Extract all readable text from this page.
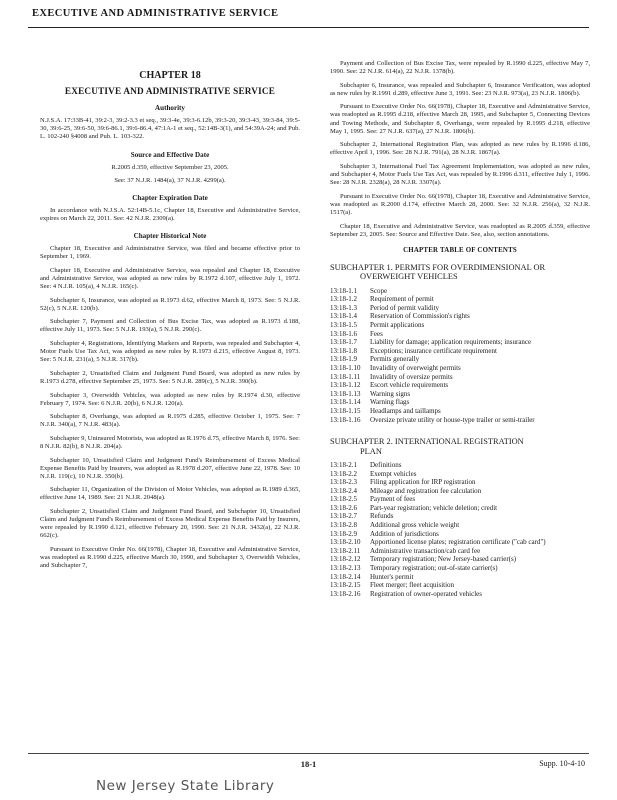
EXECUTIVE AND ADMINISTRATIVE SERVICE
CHAPTER 18
EXECUTIVE AND ADMINISTRATIVE SERVICE
Authority

N.J.S.A. 17:33B-41, 39:2-3, 39:2-3.3 et seq., 39:3-4e, 39:3-6.12b, 39:3-20, 39:3-43, 39:3-84, 39:5-30, 39:6-25, 39:6-50, 39:6-86.1, 39:6-86.4, 47:1A-1 et seq., 52:14B-3(1), and 54:39A-24; and Pub. L. 102-240 §4008 and Pub. L. 103-322.

Source and Effective Date

R.2005 d.359, effective September 23, 2005.

See: 37 N.J.R. 1484(a), 37 N.J.R. 4299(a).

Chapter Expiration Date

In accordance with N.J.S.A. 52:14B-5.1c, Chapter 18, Executive and Administrative Service, expires on March 22, 2011. See: 42 N.J.R. 2309(a).

Chapter Historical Note

Chapter 18, Executive and Administrative Service, was filed and became effective prior to September 1, 1969.

Chapter 18, Executive and Administrative Service, was repealed and Chapter 18, Executive and Administrative Service, was adopted as new rules by R.1972 d.107, effective July 1, 1972. See: 4 N.J.R. 105(a), 4 N.J.R. 165(c).

Subchapter 6, Insurance, was adopted as R.1973 d.62, effective March 8, 1973. See: 5 N.J.R. 52(c), 5 N.J.R. 120(b).

Subchapter 7, Payment and Collection of Bus Excise Tax, was adopted as R.1973 d.188, effective July 11, 1973. See: 5 N.J.R. 193(a), 5 N.J.R. 290(c).

Subchapter 4, Registrations, Identifying Markers and Reports, was repealed and Subchapter 4, Motor Fuels Use Tax Act, was adopted as new rules by R.1973 d.215, effective August 8, 1973. See: 5 N.J.R. 231(a), 5 N.J.R. 317(b).

Subchapter 2, Unsatisfied Claim and Judgment Fund Board, was adopted as new rules by R.1973 d.278, effective September 25, 1973. See: 5 N.J.R. 289(c), 5 N.J.R. 390(b).

Subchapter 3, Overwidth Vehicles, was adopted as new rules by R.1974 d.30, effective February 7, 1974. See: 6 N.J.R. 20(b), 6 N.J.R. 120(a).

Subchapter 8, Overhangs, was adopted as R.1975 d.285, effective October 1, 1975. See: 7 N.J.R. 340(a), 7 N.J.R. 483(a).

Subchapter 9, Uninsured Motorists, was adopted as R.1976 d.75, effective March 8, 1976. See: 8 N.J.R. 82(b), 8 N.J.R. 204(a).

Subchapter 10, Unsatisfied Claim and Judgment Fund's Reimbursement of Excess Medical Expense Benefits Paid by Insurers, was adopted as R.1978 d.207, effective June 22, 1978. See: 10 N.J.R. 119(c), 10 N.J.R. 350(b).

Subchapter 11, Organization of the Division of Motor Vehicles, was adopted as R.1989 d.365, effective June 14, 1989. See: 21 N.J.R. 2048(a).

Subchapter 2, Unsatisfied Claim and Judgment Fund Board, and Subchapter 10, Unsatisfied Claim and Judgment Fund's Reimbursement of Excess Medical Expense Benefits Paid by Insurers, were repealed by R.1990 d.121, effective February 20, 1990. See: 21 N.J.R. 3432(a), 22 N.J.R. 662(c).

Pursuant to Executive Order No. 66(1978), Chapter 18, Executive and Administrative Service, was readopted as R.1990 d.225, effective March 30, 1990, and Subchapter 3, Overwidth Vehicles, and Subchapter 7,

Payment and Collection of Bus Excise Tax, were repealed by R.1990 d.225, effective May 7, 1990. See: 22 N.J.R. 614(a), 22 N.J.R. 1378(b).

Subchapter 6, Insurance, was repealed and Subchapter 6, Insurance Verification, was adopted as new rules by R.1991 d.289, effective June 3, 1991. See: 23 N.J.R. 973(a), 23 N.J.R. 1806(b).

Pursuant to Executive Order No. 66(1978), Chapter 18, Executive and Administrative Service, was readopted as R.1995 d.218, effective March 28, 1995, and Subchapter 5, Connecting Devices and Towing Methods, and Subchapter 8, Overhangs, were repealed by R.1995 d.218, effective May 1, 1995. See: 27 N.J.R. 637(a), 27 N.J.R. 1806(b).

Subchapter 2, International Registration Plan, was adopted as new rules by R.1996 d.186, effective April 1, 1996. See: 28 N.J.R. 791(a), 28 N.J.R. 1867(a).

Subchapter 3, International Fuel Tax Agreement Implementation, was adopted as new rules, and Subchapter 4, Motor Fuels Use Tax Act, was repealed by R.1996 d.311, effective July 1, 1996. See: 28 N.J.R. 2328(a), 28 N.J.R. 3307(a).

Pursuant to Executive Order No. 66(1978), Chapter 18, Executive and Administrative Service, was readopted as R.2000 d.174, effective March 28, 2000. See: 32 N.J.R. 256(a), 32 N.J.R. 1517(a).

Chapter 18, Executive and Administrative Service, was readopted as R.2005 d.359, effective September 23, 2005. See: Source and Effective Date. See, also, section annotations.

CHAPTER TABLE OF CONTENTS
SUBCHAPTER 1. PERMITS FOR OVERDIMENSIONAL OR
OVERWEIGHT VEHICLES
13:18-1.1	Scope
13:18-1.2	Requirement of permit
13:18-1.3	Period of permit validity
13:18-1.4	Reservation of Commission's rights
13:18-1.5	Permit applications
13:18-1.6	Fees
13:18-1.7	Liability for damage; application requirements; insurance
13:18-1.8	Exceptions; insurance certificate requirement
13:18-1.9	Permits generally
13:18-1.10	Invalidity of overweight permits
13:18-1.11	Invalidity of oversize permits
13:18-1.12	Escort vehicle requirements
13:18-1.13	Warning signs
13:18-1.14	Warning flags
13:18-1.15	Headlamps and taillamps
13:18-1.16	Oversize private utility or house-type trailer or semi-trailer
SUBCHAPTER 2. INTERNATIONAL REGISTRATION
PLAN
13:18-2.1	Definitions
13:18-2.2	Exempt vehicles
13:18-2.3	Filing application for IRP registration
13:18-2.4	Mileage and registration fee calculation
13:18-2.5	Payment of fees
13:18-2.6	Part-year registration; vehicle deletion; credit
13:18-2.7	Refunds
13:18-2.8	Additional gross vehicle weight
13:18-2.9	Addition of jurisdictions
13:18-2.10	Apportioned license plates; registration certificate ("cab card")
13:18-2.11	Administrative transaction/cab card fee
13:18-2.12	Temporary registration; New Jersey-based carrier(s)
13:18-2.13	Temporary registration; out-of-state carrier(s)
13:18-2.14	Hunter's permit
13:18-2.15	Fleet merger; fleet acquisition
13:18-2.16	Registration of owner-operated vehicles
18-1	Supp. 10-4-10
New Jersey State Library
